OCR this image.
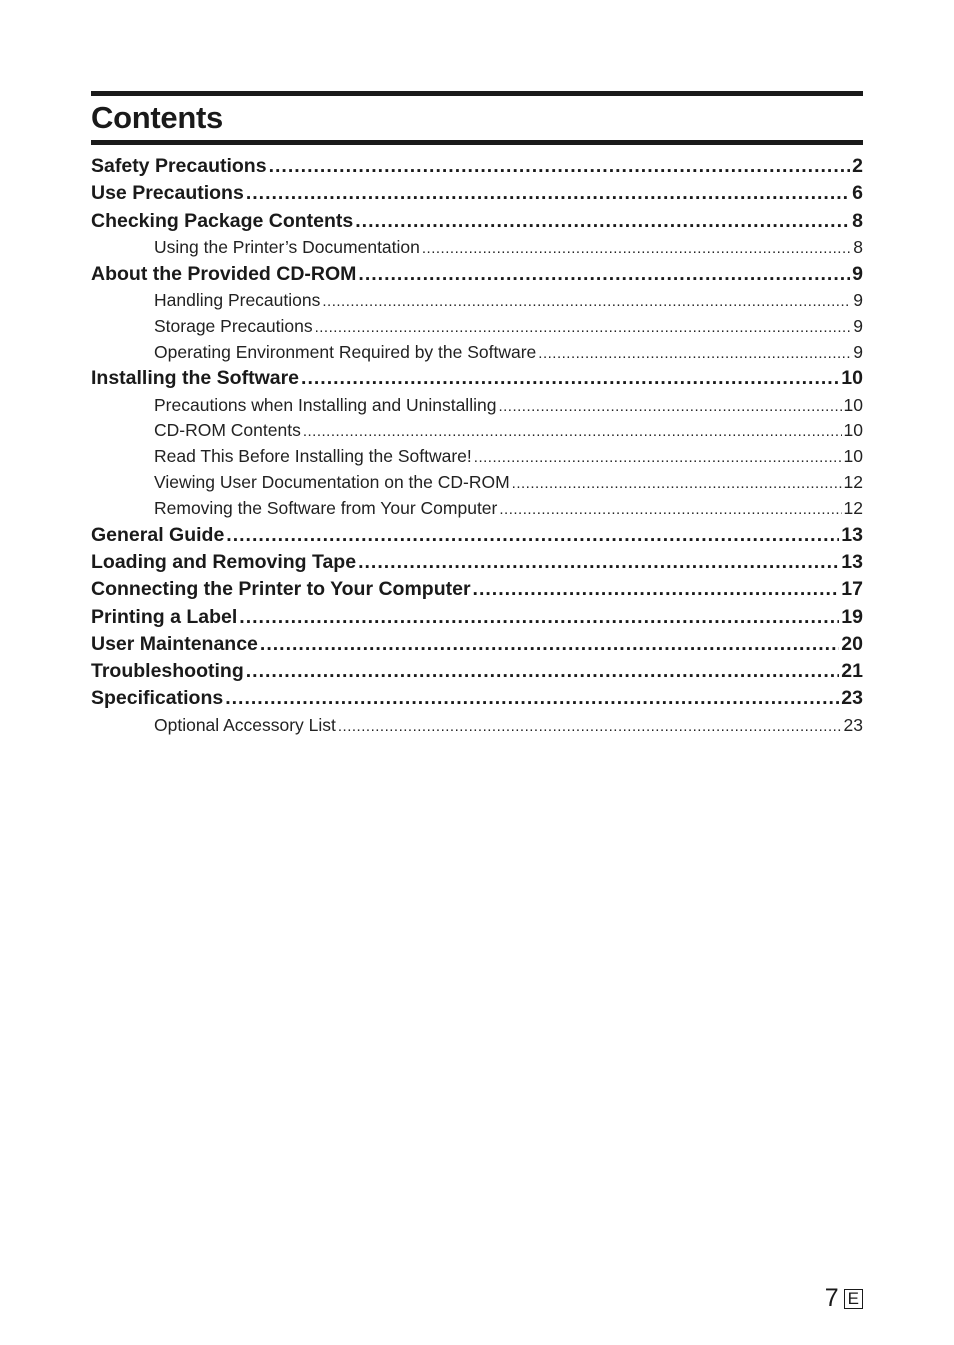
Contents
Safety Precautions .....	2
Use Precautions .....	6
Checking Package Contents .....	8
Using the Printer’s Documentation .....	8
About the Provided CD-ROM .....	9
Handling Precautions .....	9
Storage Precautions .....	9
Operating Environment Required by the Software .....	9
Installing the Software .....	10
Precautions when Installing and Uninstalling .....	10
CD-ROM Contents .....	10
Read This Before Installing the Software! .....	10
Viewing User Documentation on the CD-ROM .....	12
Removing the Software from Your Computer .....	12
General Guide .....	13
Loading and Removing Tape .....	13
Connecting the Printer to Your Computer .....	17
Printing a Label .....	19
User Maintenance .....	20
Troubleshooting .....	21
Specifications .....	23
Optional Accessory List .....	23
7 E
